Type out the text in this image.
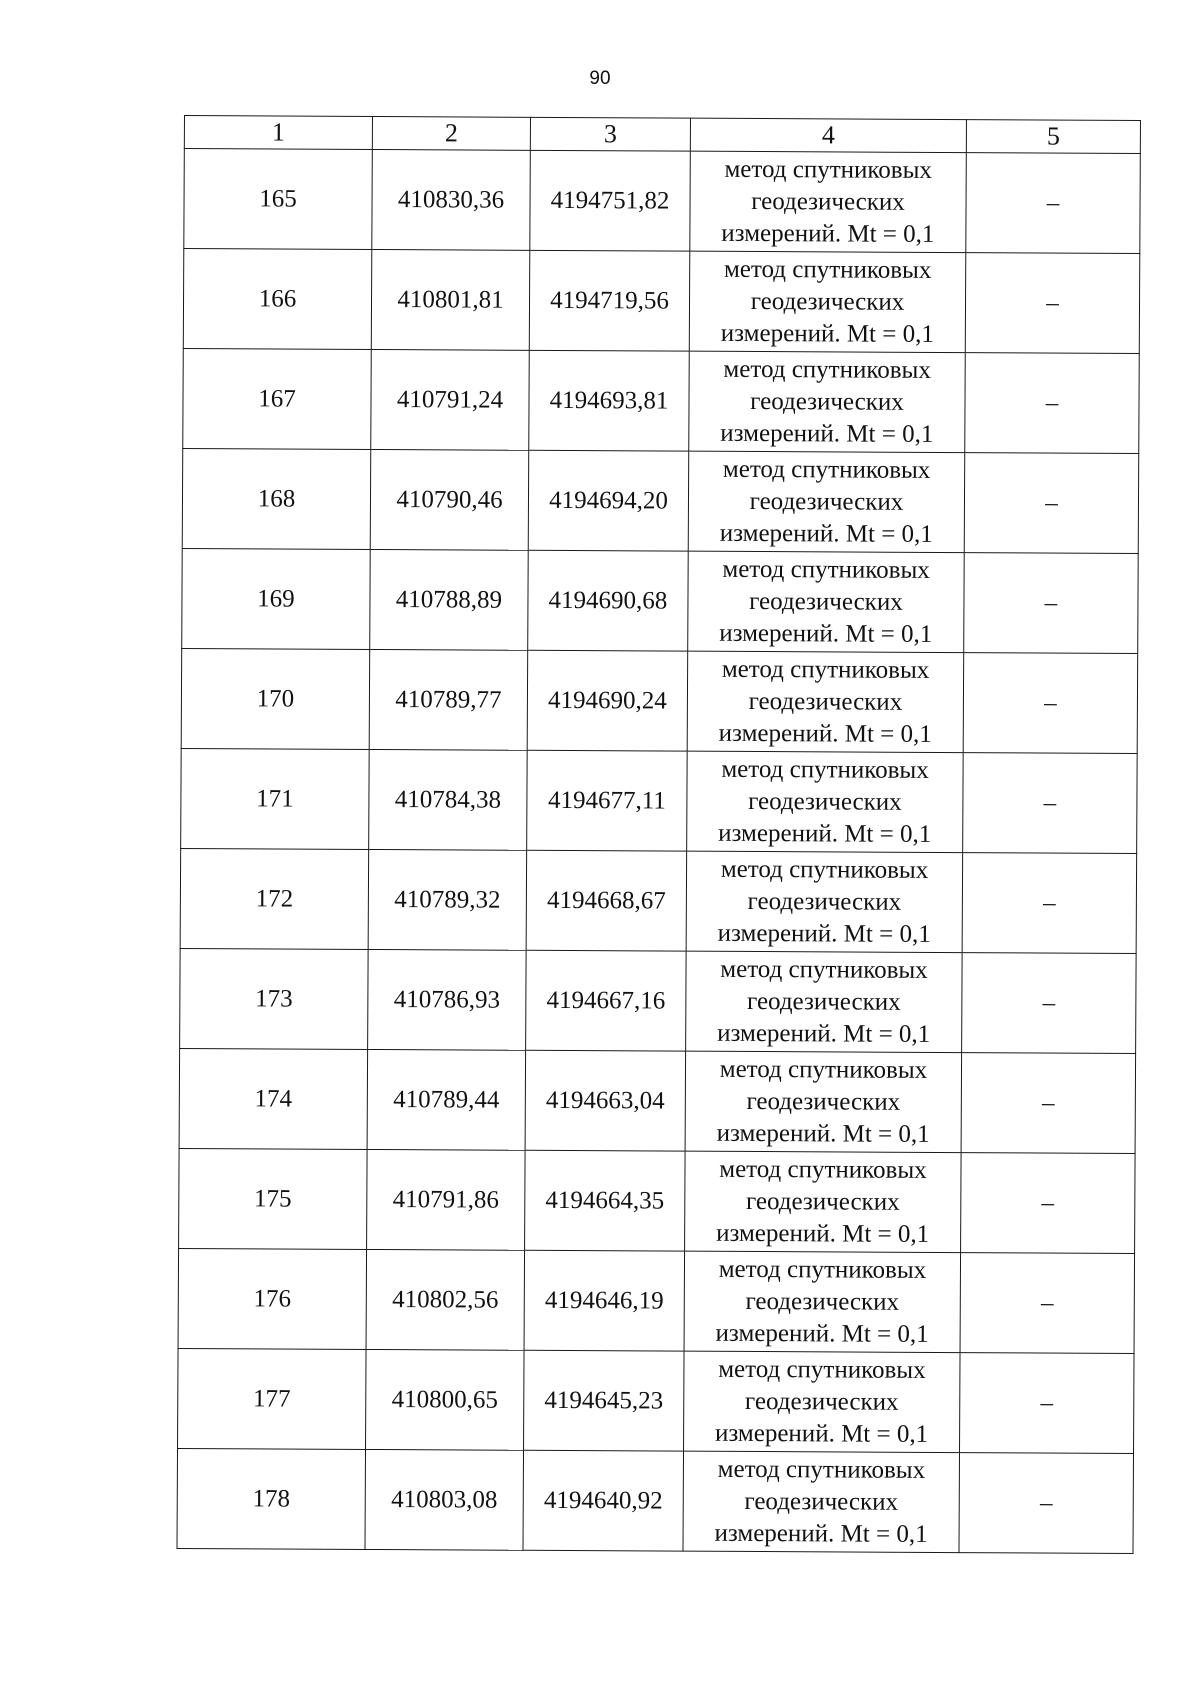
90
1	2	3	4	5
165	410830,36	4194751,82	метод спутниковых
геодезических
измерений. Mt = 0,1	–
166	410801,81	4194719,56	метод спутниковых
геодезических
измерений. Mt = 0,1	–
167	410791,24	4194693,81	метод спутниковых
геодезических
измерений. Mt = 0,1	–
168	410790,46	4194694,20	метод спутниковых
геодезических
измерений. Mt = 0,1	–
169	410788,89	4194690,68	метод спутниковых
геодезических
измерений. Mt = 0,1	–
170	410789,77	4194690,24	метод спутниковых
геодезических
измерений. Mt = 0,1	–
171	410784,38	4194677,11	метод спутниковых
геодезических
измерений. Mt = 0,1	–
172	410789,32	4194668,67	метод спутниковых
геодезических
измерений. Mt = 0,1	–
173	410786,93	4194667,16	метод спутниковых
геодезических
измерений. Mt = 0,1	–
174	410789,44	4194663,04	метод спутниковых
геодезических
измерений. Mt = 0,1	–
175	410791,86	4194664,35	метод спутниковых
геодезических
измерений. Mt = 0,1	–
176	410802,56	4194646,19	метод спутниковых
геодезических
измерений. Mt = 0,1	–
177	410800,65	4194645,23	метод спутниковых
геодезических
измерений. Mt = 0,1	–
178	410803,08	4194640,92	метод спутниковых
геодезических
измерений. Mt = 0,1	–
